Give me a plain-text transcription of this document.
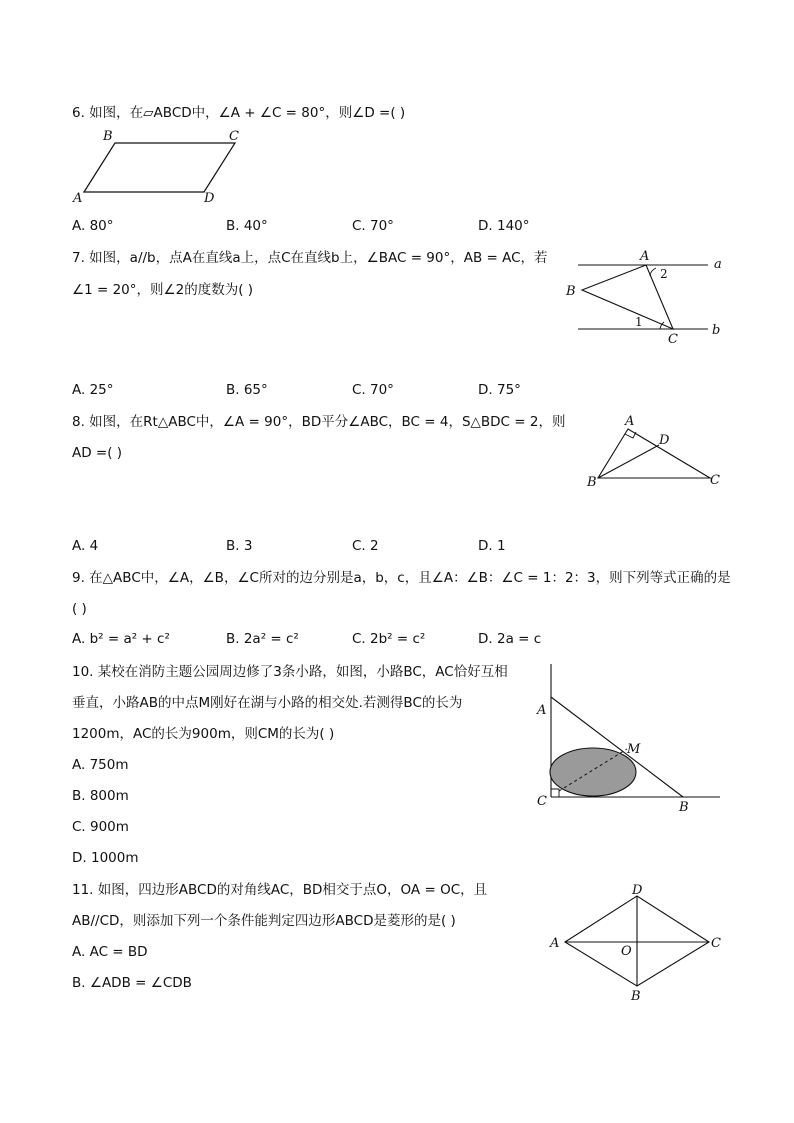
6. 如图，在▱ABCD中，∠A + ∠C = 80°，则∠D =( )
B	C
A	D
A. 80°	B. 40°	C. 70°	D. 140°
7. 如图，a//b，点A在直线a上，点C在直线b上，∠BAC = 90°，AB = AC，若
∠1 = 20°，则∠2的度数为( )
A
B
C
a
b
2
1
A. 25°	B. 65°	C. 70°	D. 75°
8. 如图，在Rt△ABC中，∠A = 90°，BD平分∠ABC，BC = 4，S△BDC = 2，则
AD =( )
A
B	C
D
A. 4	B. 3	C. 2	D. 1
9. 在△ABC中，∠A，∠B，∠C所对的边分别是a，b，c，且∠A：∠B：∠C = 1：2：3，则下列等式正确的是
( )
A. b² = a² + c²	B. 2a² = c²	C. 2b² = c²	D. 2a = c
10. 某校在消防主题公园周边修了3条小路，如图，小路BC，AC恰好互相
垂直，小路AB的中点M刚好在湖与小路的相交处.若测得BC的长为
1200m，AC的长为900m，则CM的长为( )
A. 750m
B. 800m
C. 900m
D. 1000m
A
C	B
M
11. 如图，四边形ABCD的对角线AC，BD相交于点O，OA = OC，且
AB//CD，则添加下列一个条件能判定四边形ABCD是菱形的是( )
A. AC = BD
B. ∠ADB = ∠CDB
D
A	C
B
O
